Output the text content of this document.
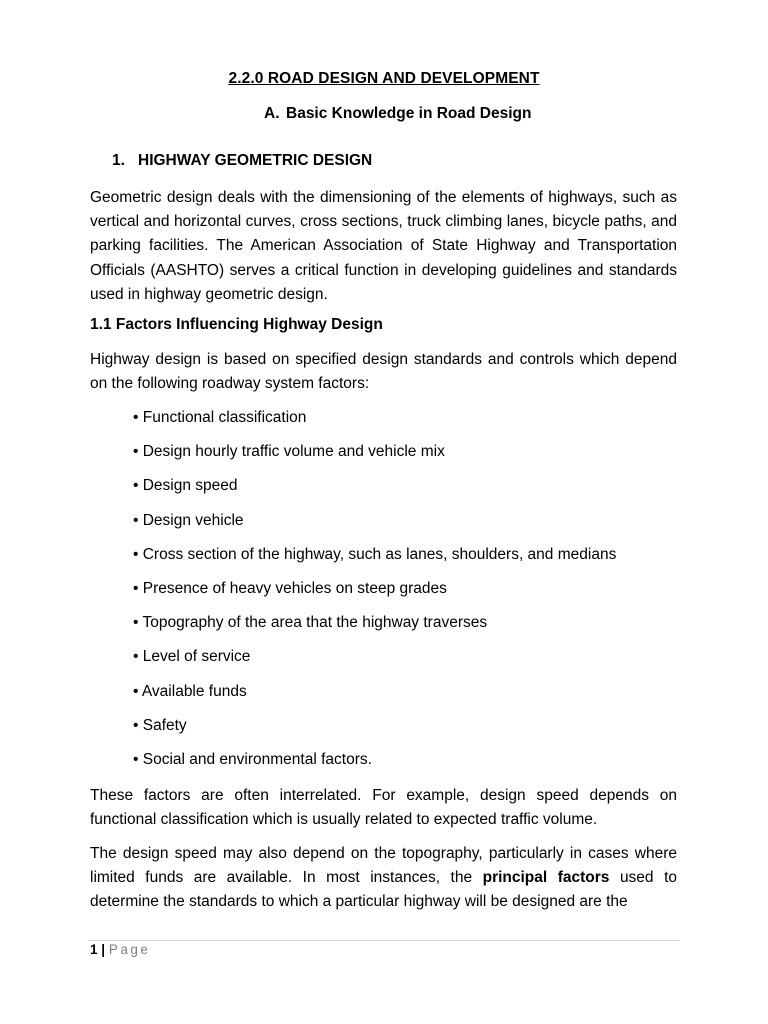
2.2.0 ROAD DESIGN AND DEVELOPMENT
A. Basic Knowledge in Road Design
1. HIGHWAY GEOMETRIC DESIGN

Geometric design deals with the dimensioning of the elements of highways, such as vertical and horizontal curves, cross sections, truck climbing lanes, bicycle paths, and parking facilities. The American Association of State Highway and Transportation Officials (AASHTO) serves a critical function in developing guidelines and standards used in highway geometric design.

1.1 Factors Influencing Highway Design

Highway design is based on specified design standards and controls which depend on the following roadway system factors:

• Functional classification
• Design hourly traffic volume and vehicle mix
• Design speed
• Design vehicle
• Cross section of the highway, such as lanes, shoulders, and medians
• Presence of heavy vehicles on steep grades
• Topography of the area that the highway traverses
• Level of service
• Available funds
• Safety
• Social and environmental factors.

These factors are often interrelated. For example, design speed depends on functional classification which is usually related to expected traffic volume.

The design speed may also depend on the topography, particularly in cases where limited funds are available. In most instances, the principal factors used to determine the standards to which a particular highway will be designed are the

1 | Page
